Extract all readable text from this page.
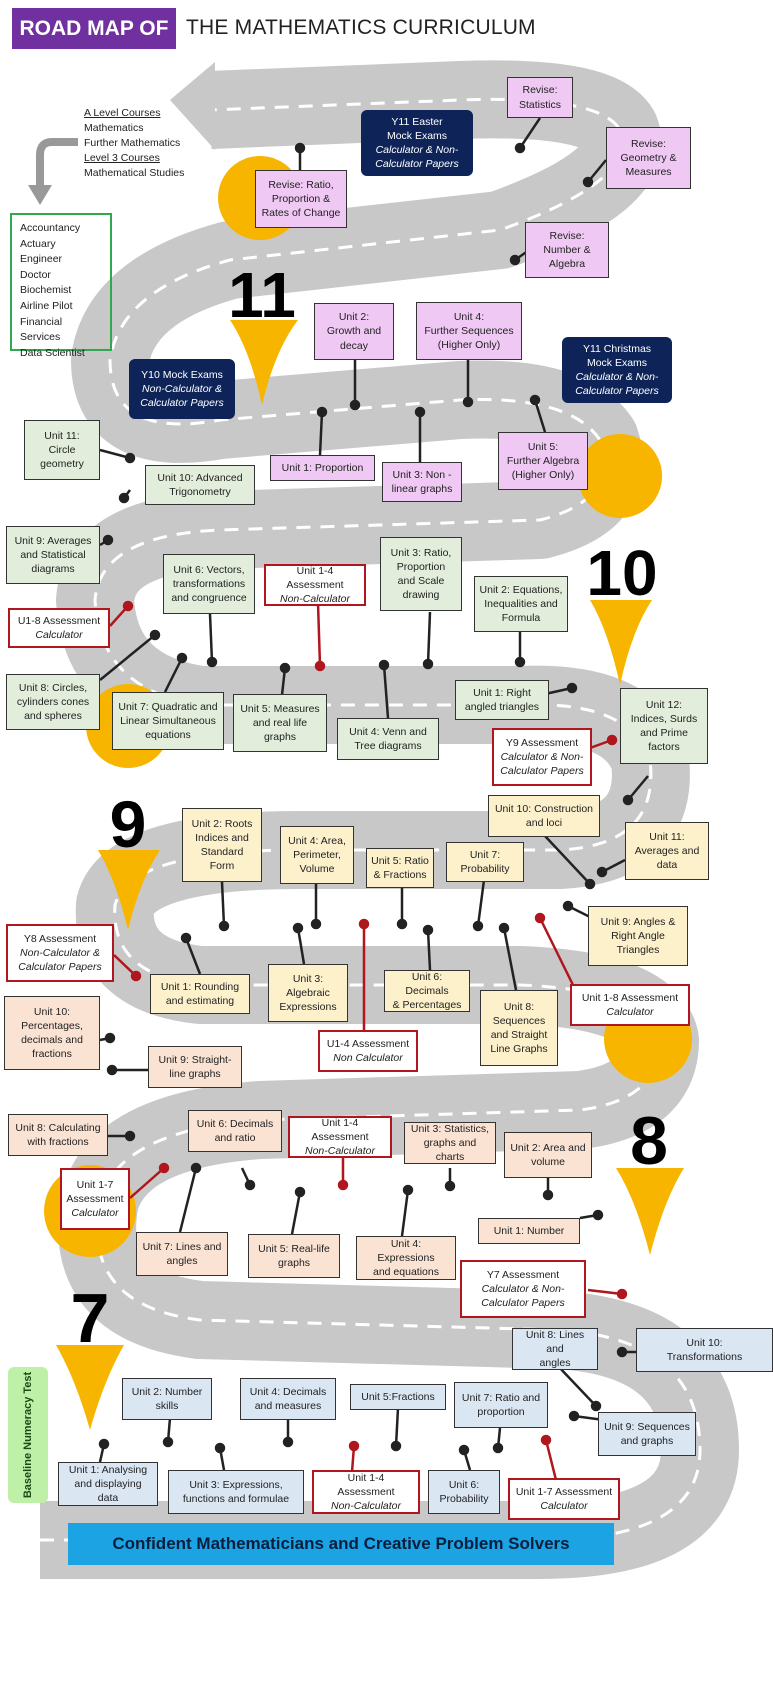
ROAD MAP OF THE MATHEMATICS CURRICULUM
A Level Courses
Mathematics
Further Mathematics
Level 3 Courses
Mathematical Studies
Accountancy
Actuary
Engineer
Doctor
Biochemist
Airline Pilot
Financial Services
Data Scientist
11
10
9
8
7
Revise:
Statistics
Y11 Easter
Mock Exams
Calculator & Non-
Calculator Papers
Revise:
Geometry &
Measures
Revise: Ratio,
Proportion &
Rates of Change
Revise:
Number &
Algebra
Unit 2:
Growth and
decay
Unit 4:
Further Sequences
(Higher Only)	Y11 Christmas
Mock Exams
Calculator & Non-
Calculator Papers
Y10 Mock Exams
Non-Calculator &
Calculator Papers
Unit 1: Proportion
Unit 3: Non -
linear graphs
Unit 5:
Further Algebra
(Higher Only)
Unit 11:
Circle
geometry
Unit 10: Advanced
Trigonometry
Unit 9: Averages
and Statistical
diagrams	Unit 6: Vectors,
transformations
and congruence
Unit 1-4 Assessment
Non-Calculator
Unit 3: Ratio,
Proportion
and Scale
drawing	Unit 2: Equations,
Inequalities and
Formula
U1-8 Assessment
Calculator
Unit 8: Circles,
cylinders cones
and spheres
Unit 7: Quadratic and
Linear Simultaneous
equations
Unit 5: Measures
and real life
graphs	Unit 4: Venn and
Tree diagrams
Unit 1: Right
angled triangles	Unit 12:
Indices, Surds
and Prime
factors
Y9 Assessment
Calculator & Non-
Calculator Papers
Unit 10: Construction
and loci
Unit 2: Roots
Indices and
Standard
Form
Unit 4: Area,
Perimeter,
Volume
Unit 5: Ratio
& Fractions
Unit 7:
Probability
Unit 11:
Averages and
data
Unit 9: Angles &
Right Angle
Triangles
Y8 Assessment
Non-Calculator &
Calculator Papers
Unit 1: Rounding
and estimating
Unit 3:
Algebraic
Expressions
Unit 6: Decimals
& Percentages	Unit 8:
Sequences
and Straight
Line Graphs
Unit 1-8 Assessment
Calculator
U1-4 Assessment
Non Calculator
Unit 10:
Percentages,
decimals and
fractions	Unit 9: Straight-
line graphs
Unit 8: Calculating
with fractions
Unit 6: Decimals
and ratio
Unit 1-4 Assessment
Non-Calculator
Unit 3: Statistics,
graphs and charts
Unit 2: Area and
volume
Unit 1-7
Assessment
Calculator
Unit 1: Number
Unit 7: Lines and
angles
Unit 5: Real-life
graphs
Unit 4: Expressions
and equations	Y7 Assessment
Calculator & Non-
Calculator Papers
Unit 8: Lines and
angles
Unit 10:
Transformations
Unit 2: Number
skills
Unit 4: Decimals
and measures
Unit 5:Fractions	Unit 7: Ratio and
proportion
Unit 9: Sequences
and graphs
Unit 1: Analysing
and displaying data
Unit 3: Expressions,
functions and formulae
Unit 1-4 Assessment
Non-Calculator
Unit 6:
Probability
Unit 1-7 Assessment
Calculator
Baseline Numeracy Test
Confident Mathematicians and Creative Problem Solvers
